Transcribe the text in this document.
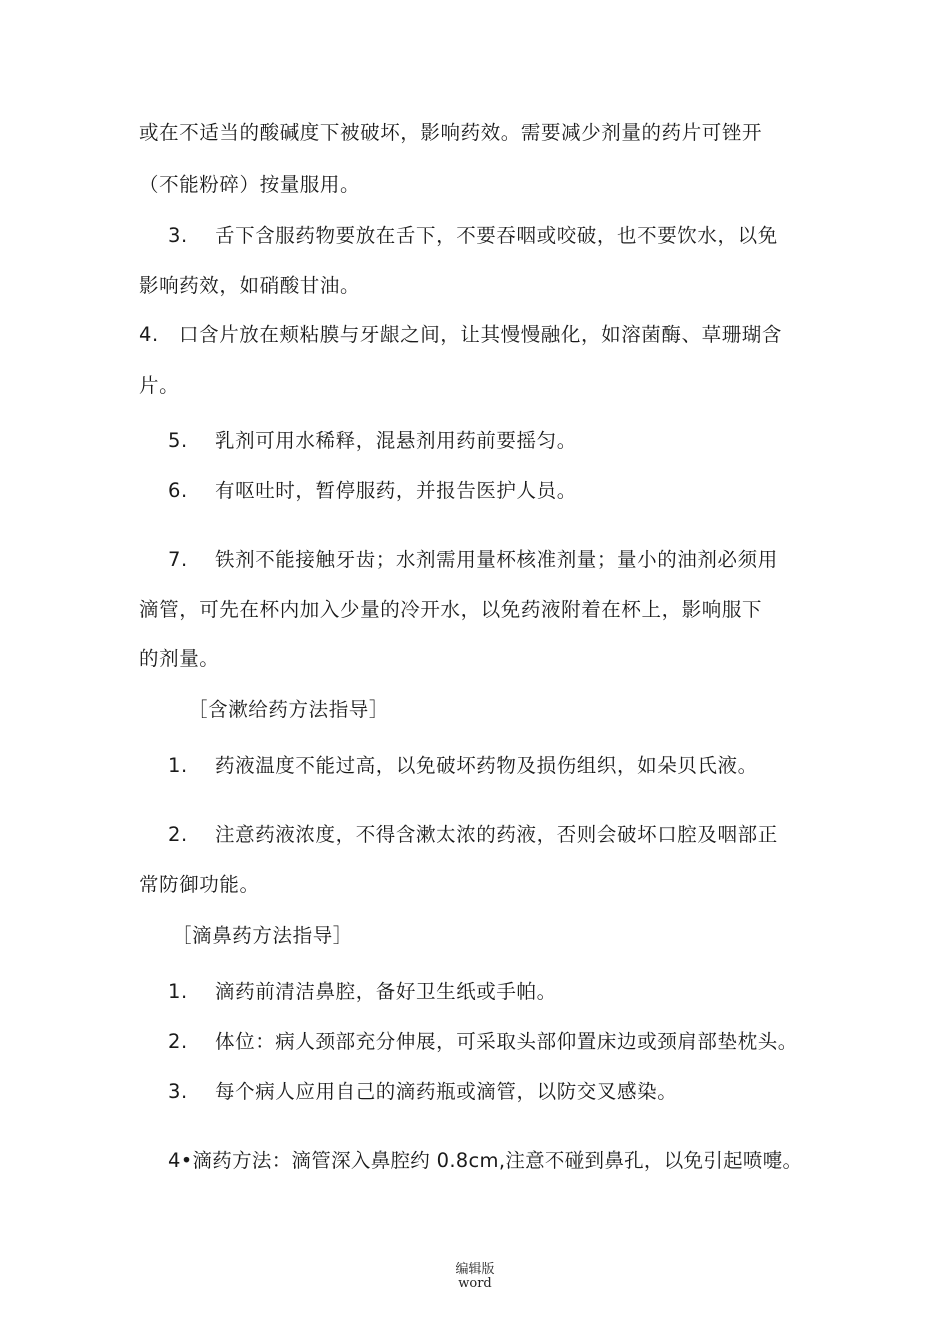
或在不适当的酸碱度下被破坏，影响药效。需要减少剂量的药片可锉开
（不能粉碎）按量服用。
3. 舌下含服药物要放在舌下，不要吞咽或咬破，也不要饮水，以免
影响药效，如硝酸甘油。
4. 口含片放在颊粘膜与牙龈之间，让其慢慢融化，如溶菌酶、草珊瑚含
片。
5. 乳剂可用水稀释，混悬剂用药前要摇匀。
6. 有呕吐时，暂停服药，并报告医护人员。
7. 铁剂不能接触牙齿；水剂需用量杯核准剂量；量小的油剂必须用
滴管，可先在杯内加入少量的冷开水，以免药液附着在杯上，影响服下
的剂量。
［含漱给药方法指导］
1. 药液温度不能过高，以免破坏药物及损伤组织，如朵贝氏液。
2. 注意药液浓度，不得含漱太浓的药液，否则会破坏口腔及咽部正
常防御功能。
［滴鼻药方法指导］
1. 滴药前清洁鼻腔，备好卫生纸或手帕。
2. 体位：病人颈部充分伸展，可采取头部仰置床边或颈肩部垫枕头。
3. 每个病人应用自己的滴药瓶或滴管，以防交叉感染。
4•滴药方法：滴管深入鼻腔约 0.8cm,注意不碰到鼻孔，以免引起喷嚏。
编辑版
word
